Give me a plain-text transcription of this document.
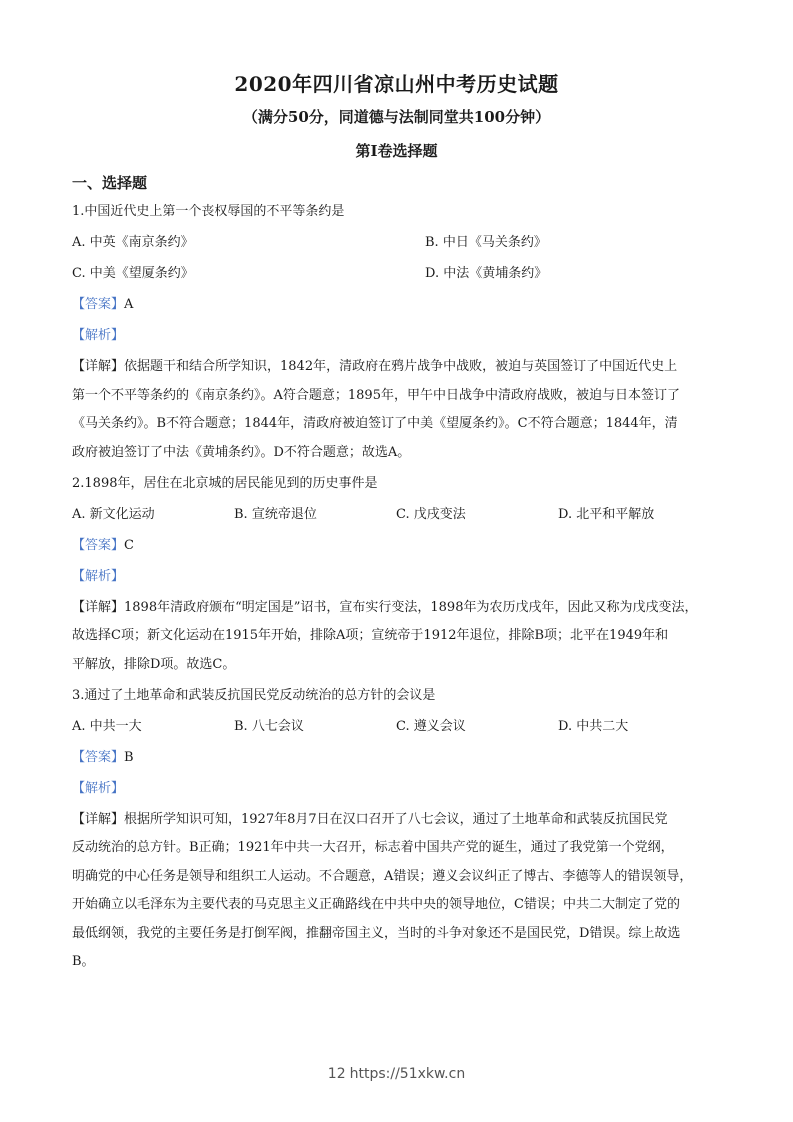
2020年四川省凉山州中考历史试题
（满分50分，同道德与法制同堂共100分钟）
第Ⅰ卷选择题
一、选择题
1.中国近代史上第一个丧权辱国的不平等条约是
A. 中英《南京条约》	B. 中日《马关条约》
C. 中美《望厦条约》	D. 中法《黄埔条约》
【答案】A
【解析】
【详解】依据题干和结合所学知识，1842年，清政府在鸦片战争中战败，被迫与英国签订了中国近代史上
第一个不平等条约的《南京条约》。A符合题意；1895年，甲午中日战争中清政府战败，被迫与日本签订了
《马关条约》。B不符合题意；1844年，清政府被迫签订了中美《望厦条约》。C不符合题意；1844年，清
政府被迫签订了中法《黄埔条约》。D不符合题意；故选A。
2.1898年，居住在北京城的居民能见到的历史事件是
A. 新文化运动	B. 宣统帝退位	C. 戊戌变法	D. 北平和平解放
【答案】C
【解析】
【详解】1898年清政府颁布“明定国是”诏书，宣布实行变法，1898年为农历戊戌年，因此又称为戊戌变法，
故选择C项；新文化运动在1915年开始，排除A项；宣统帝于1912年退位，排除B项；北平在1949年和
平解放，排除D项。故选C。
3.通过了土地革命和武装反抗国民党反动统治的总方针的会议是
A. 中共一大	B. 八七会议	C. 遵义会议	D. 中共二大
【答案】B
【解析】
【详解】根据所学知识可知，1927年8月7日在汉口召开了八七会议，通过了土地革命和武装反抗国民党
反动统治的总方针。B正确；1921年中共一大召开，标志着中国共产党的诞生，通过了我党第一个党纲，
明确党的中心任务是领导和组织工人运动。不合题意，A错误；遵义会议纠正了博古、李德等人的错误领导，
开始确立以毛泽东为主要代表的马克思主义正确路线在中共中央的领导地位，C错误；中共二大制定了党的
最低纲领，我党的主要任务是打倒军阀，推翻帝国主义，当时的斗争对象还不是国民党，D错误。综上故选
B。
12 https://51xkw.cn
